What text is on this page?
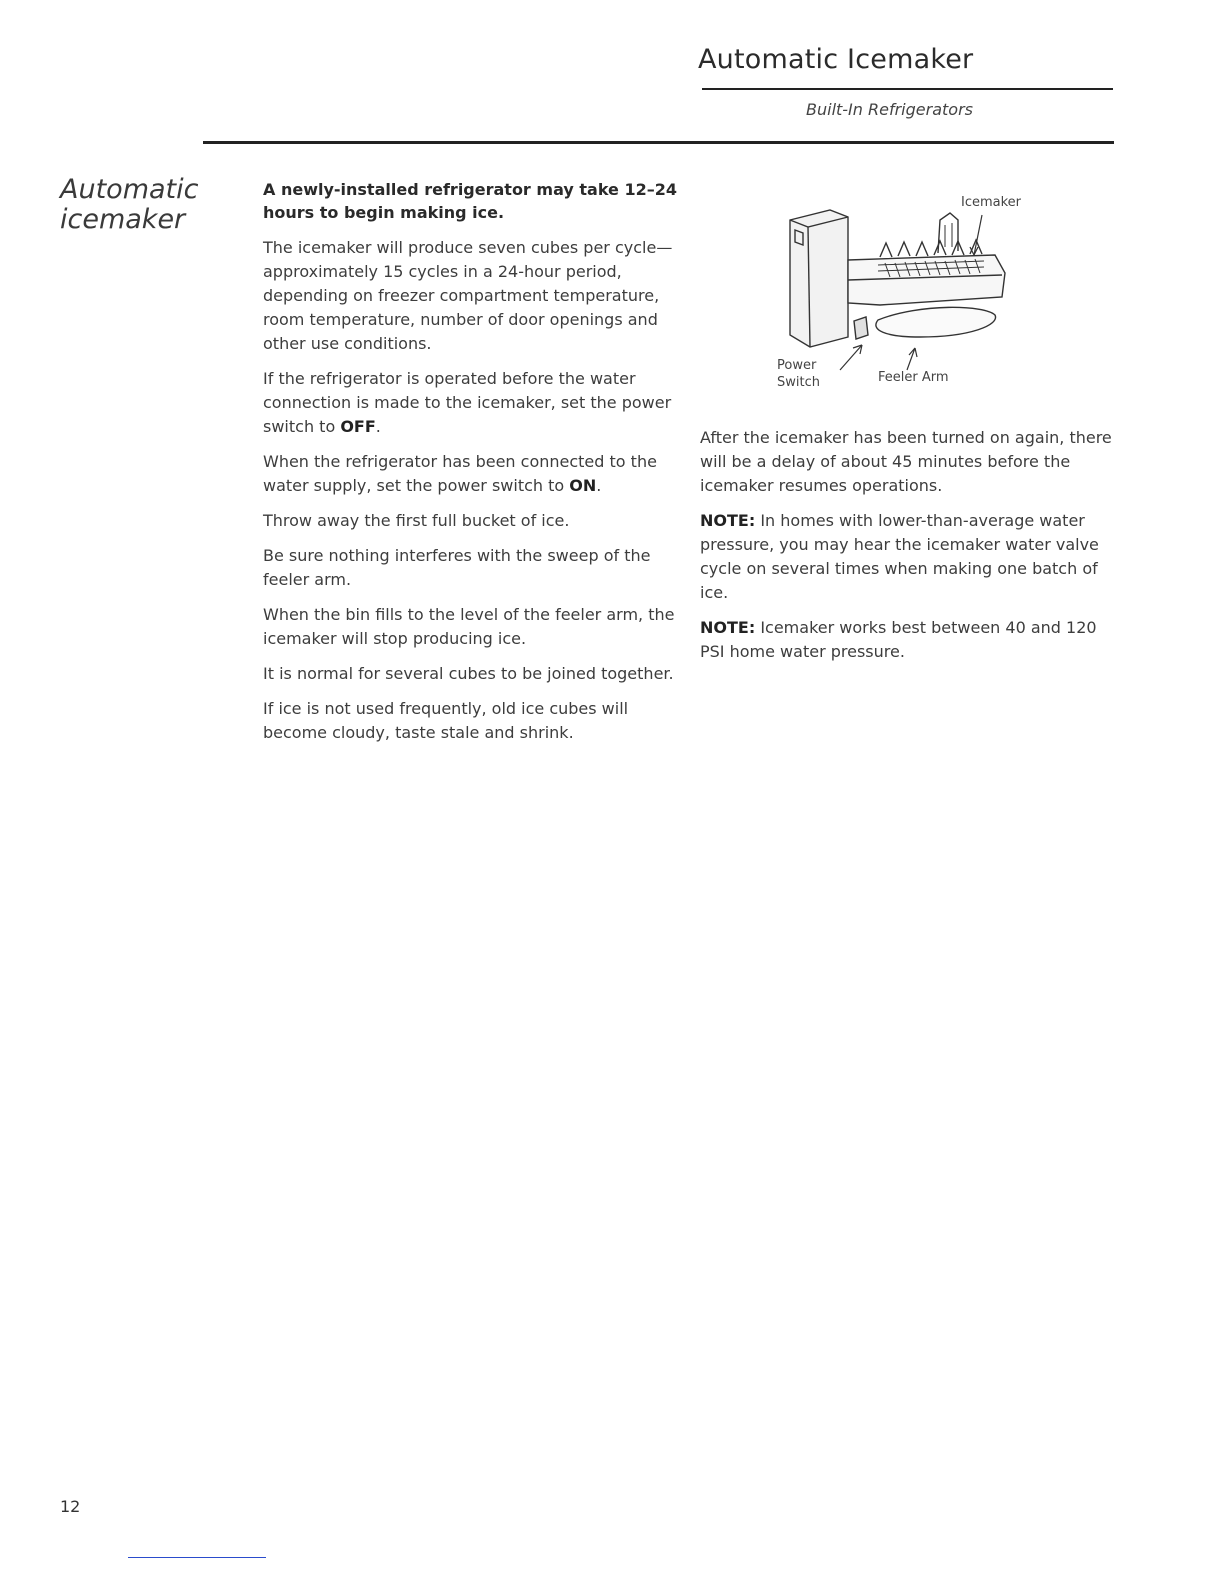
Automatic Icemaker
Built-In Refrigerators
Automatic icemaker

A newly-installed refrigerator may take 12–24 hours to begin making ice.

The icemaker will produce seven cubes per cycle—approximately 15 cycles in a 24-hour period, depending on freezer compartment temperature, room temperature, number of door openings and other use conditions.

If the refrigerator is operated before the water connection is made to the icemaker, set the power switch to OFF.

When the refrigerator has been connected to the water supply, set the power switch to ON.

Throw away the first full bucket of ice.

Be sure nothing interferes with the sweep of the feeler arm.

When the bin fills to the level of the feeler arm, the icemaker will stop producing ice.

It is normal for several cubes to be joined together.

If ice is not used frequently, old ice cubes will become cloudy, taste stale and shrink.

Icemaker
Power
Switch	Feeler Arm

After the icemaker has been turned on again, there will be a delay of about 45 minutes before the icemaker resumes operations.

NOTE: In homes with lower-than-average water pressure, you may hear the icemaker water valve cycle on several times when making one batch of ice.

NOTE: Icemaker works best between 40 and 120 PSI home water pressure.

12
